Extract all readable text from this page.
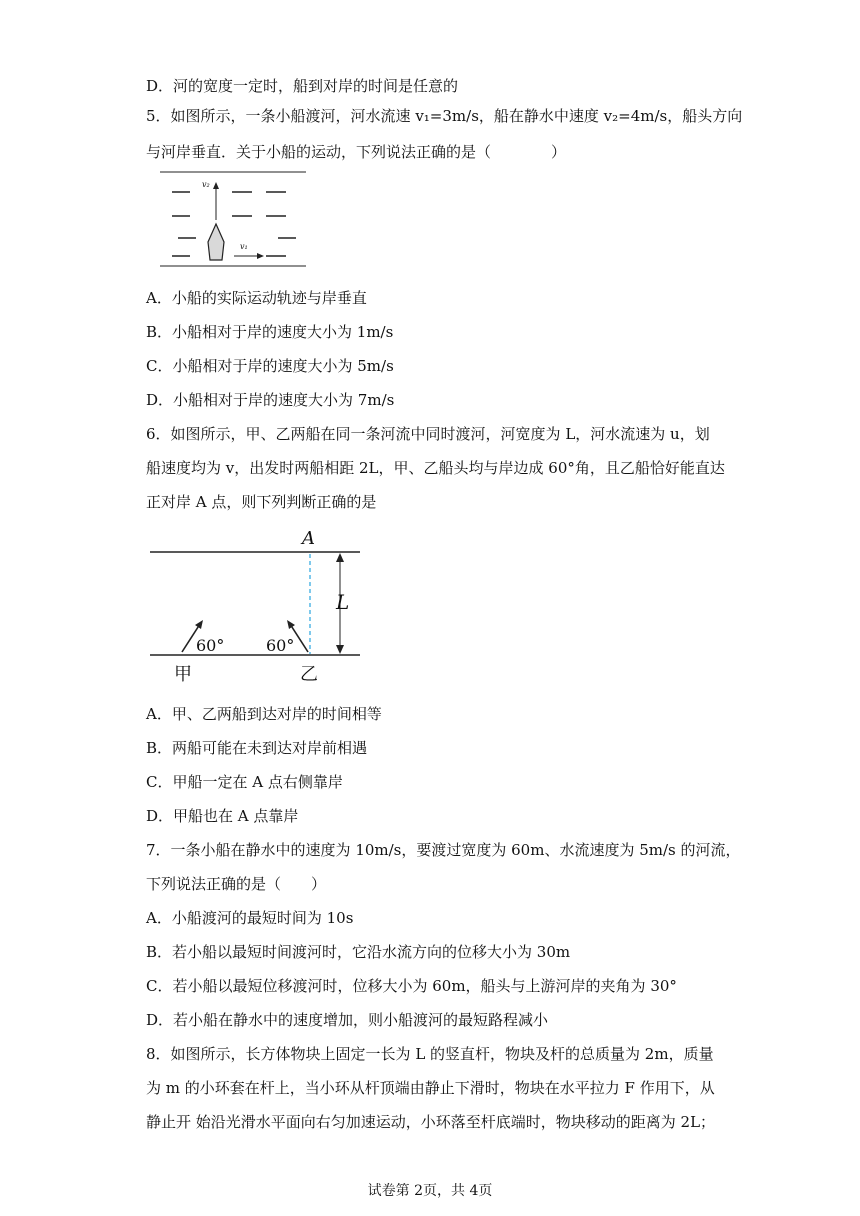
D．河的宽度一定时，船到对岸的时间是任意的
5．如图所示，一条小船渡河，河水流速 v₁=3m/s，船在静水中速度 v₂=4m/s，船头方向
与河岸垂直．关于小船的运动，下列说法正确的是（　　　　）
v₂
v₁
A．小船的实际运动轨迹与岸垂直
B．小船相对于岸的速度大小为 1m/s
C．小船相对于岸的速度大小为 5m/s
D．小船相对于岸的速度大小为 7m/s
6．如图所示，甲、乙两船在同一条河流中同时渡河，河宽度为 L，河水流速为 u，划
船速度均为 v，出发时两船相距 2L，甲、乙船头均与岸边成 60°角，且乙船恰好能直达
正对岸 A 点，则下列判断正确的是
A
L
60°	60°
甲	乙
A．甲、乙两船到达对岸的时间相等
B．两船可能在未到达对岸前相遇
C．甲船一定在 A 点右侧靠岸
D．甲船也在 A 点靠岸
7．一条小船在静水中的速度为 10m/s，要渡过宽度为 60m、水流速度为 5m/s 的河流，
下列说法正确的是（　　）
A．小船渡河的最短时间为 10s
B．若小船以最短时间渡河时，它沿水流方向的位移大小为 30m
C．若小船以最短位移渡河时，位移大小为 60m，船头与上游河岸的夹角为 30°
D．若小船在静水中的速度增加，则小船渡河的最短路程减小
8．如图所示，长方体物块上固定一长为 L 的竖直杆，物块及杆的总质量为 2m，质量
为 m 的小环套在杆上，当小环从杆顶端由静止下滑时，物块在水平拉力 F 作用下，从
静止开 始沿光滑水平面向右匀加速运动，小环落至杆底端时，物块移动的距离为 2L；
试卷第 2页，共 4页
